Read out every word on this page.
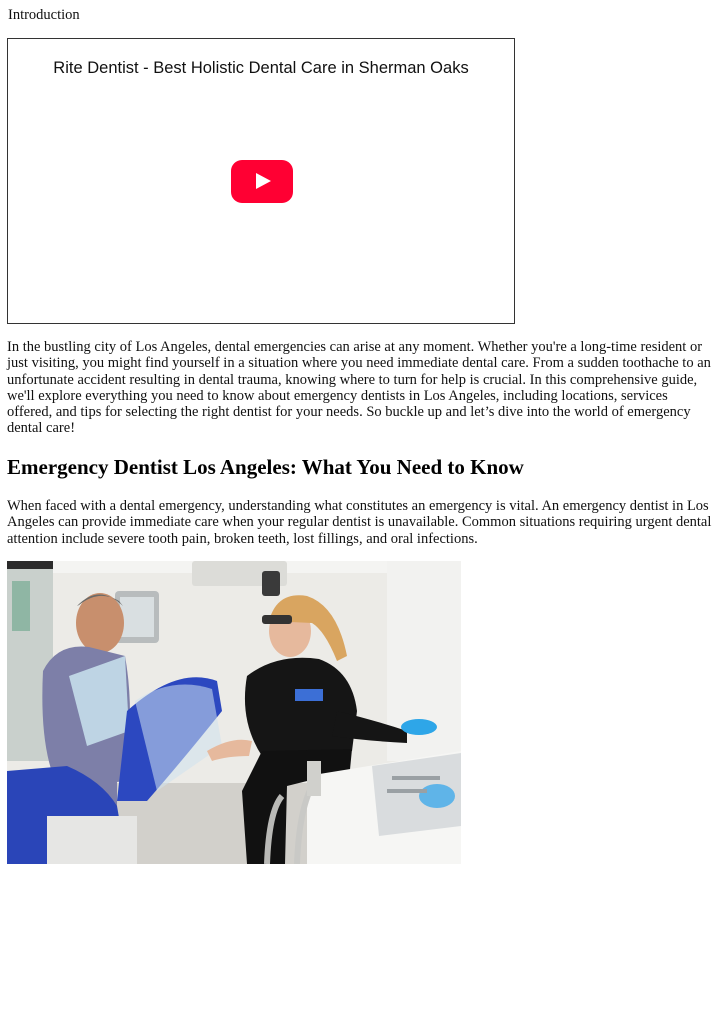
Introduction
Rite Dentist - Best Holistic Dental Care in Sherman Oaks

In the bustling city of Los Angeles, dental emergencies can arise at any moment. Whether you're a long-time resident or just visiting, you might find yourself in a situation where you need immediate dental care. From a sudden toothache to an unfortunate accident resulting in dental trauma, knowing where to turn for help is crucial. In this comprehensive guide, we'll explore everything you need to know about emergency dentists in Los Angeles, including locations, services offered, and tips for selecting the right dentist for your needs. So buckle up and let’s dive into the world of emergency dental care!

Emergency Dentist Los Angeles: What You Need to Know

When faced with a dental emergency, understanding what constitutes an emergency is vital. An emergency dentist in Los Angeles can provide immediate care when your regular dentist is unavailable. Common situations requiring urgent dental attention include severe tooth pain, broken teeth, lost fillings, and oral infections.
